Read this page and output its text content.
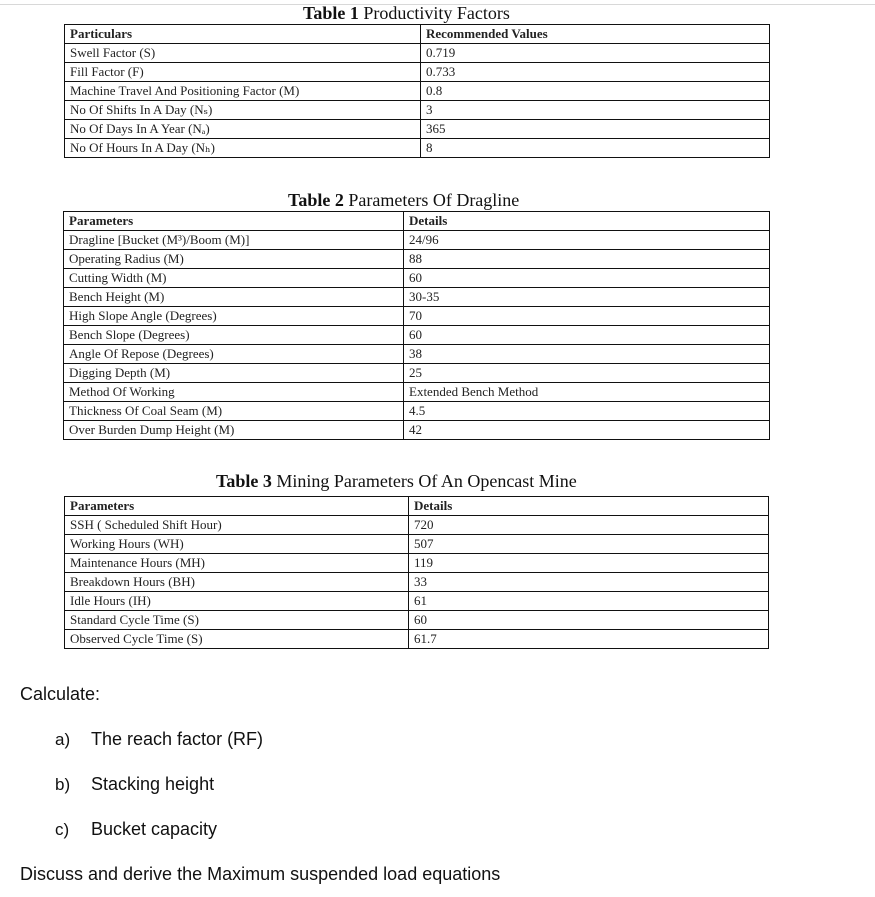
Table 1 Productivity Factors
Particulars	Recommended Values
Swell Factor (S)	0.719
Fill Factor (F)	0.733
Machine Travel And Positioning Factor (M)	0.8
No Of Shifts In A Day (Nₛ)	3
No Of Days In A Year (Nₐ)	365
No Of Hours In A Day (Nₕ)	8
Table 2 Parameters Of Dragline
Parameters	Details
Dragline [Bucket (M³)/Boom (M)]	24/96
Operating Radius (M)	88
Cutting Width (M)	60
Bench Height (M)	30-35
High Slope Angle (Degrees)	70
Bench Slope (Degrees)	60
Angle Of Repose (Degrees)	38
Digging Depth (M)	25
Method Of Working	Extended Bench Method
Thickness Of Coal Seam (M)	4.5
Over Burden Dump Height (M)	42
Table 3 Mining Parameters Of An Opencast Mine
Parameters	Details
SSH ( Scheduled Shift Hour)	720
Working Hours (WH)	507
Maintenance Hours (MH)	119
Breakdown Hours (BH)	33
Idle Hours (IH)	61
Standard Cycle Time (S)	60
Observed Cycle Time (S)	61.7
Calculate:
a) The reach factor (RF)
b) Stacking height
c) Bucket capacity
Discuss and derive the Maximum suspended load equations
